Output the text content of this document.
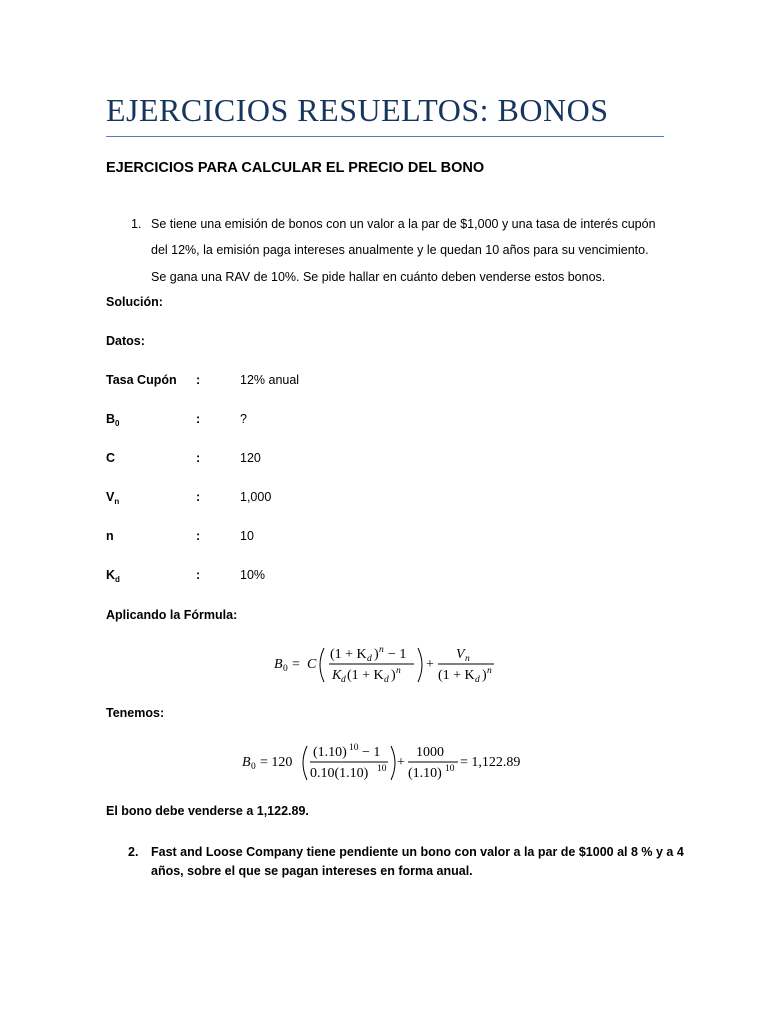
EJERCICIOS RESUELTOS: BONOS
EJERCICIOS PARA CALCULAR EL PRECIO DEL BONO
1. Se tiene una emisión de bonos con un valor a la par de $1,000 y una tasa de interés cupón
del 12%, la emisión paga intereses anualmente y le quedan 10 años para su vencimiento.
Se gana una RAV de 10%. Se pide hallar en cuánto deben venderse estos bonos.
Solución:
Datos:
Tasa Cupón :	12% anual
$B_0$	:	?
C	:	120
$V_n$	:	1,000
n	:	10
$K_d$	:	10%
Aplicando la Fórmula:
B 0 = C
(1 + K d ) n − 1
K d (1 + K d ) n +
V n
(1 + K d ) n
Tenemos:
B 0 = 120
(1.10) 10 − 1
0.10(1.10) 10 +
1000
(1.10) 10 = 1,122.89
El bono debe venderse a 1,122.89.
2. Fast and Loose Company tiene pendiente un bono con valor a la par de $1000 al 8 % y a 4
años, sobre el que se pagan intereses en forma anual.
